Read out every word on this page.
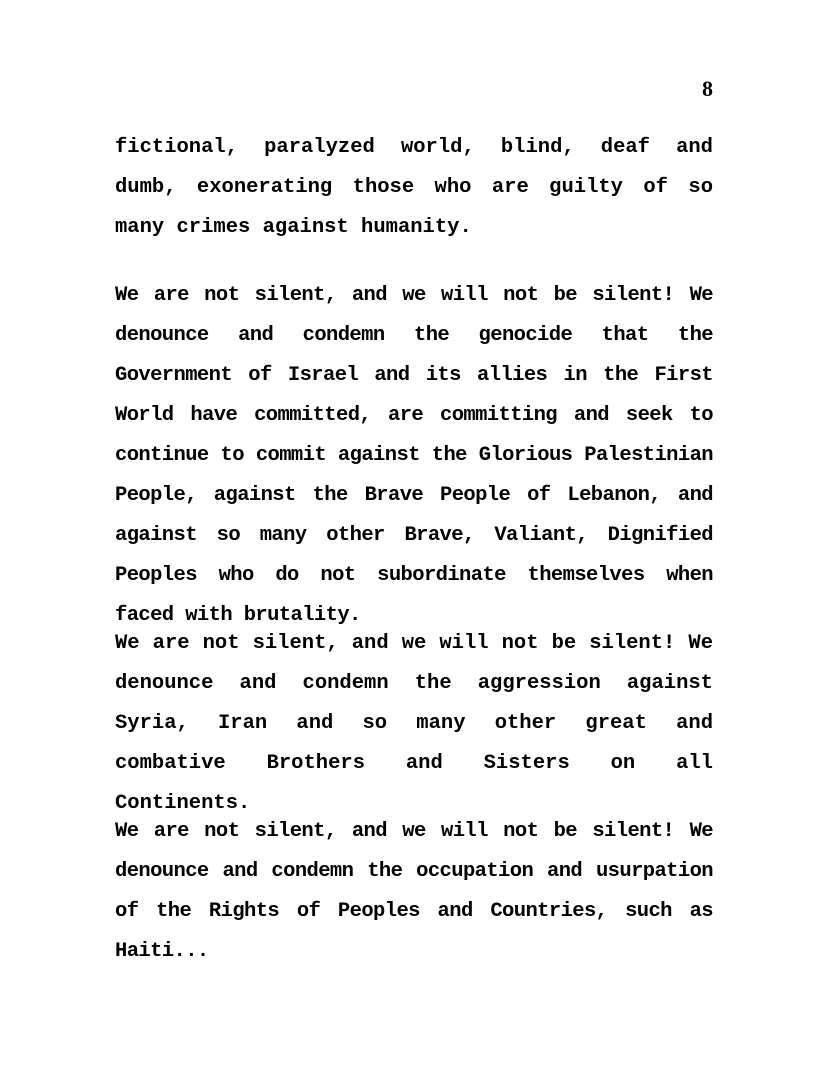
8

fictional, paralyzed world, blind, deaf and dumb, exonerating those who are guilty of so many crimes against humanity.

We are not silent, and we will not be silent! We denounce and condemn the genocide that the Government of Israel and its allies in the First World have committed, are committing and seek to continue to commit against the Glorious Palestinian People, against the Brave People of Lebanon, and against so many other Brave, Valiant, Dignified Peoples who do not subordinate themselves when faced with brutality.

We are not silent, and we will not be silent! We denounce and condemn the aggression against Syria, Iran and so many other great and combative Brothers and Sisters on all Continents.

We are not silent, and we will not be silent! We denounce and condemn the occupation and usurpation of the Rights of Peoples and Countries, such as Haiti...
